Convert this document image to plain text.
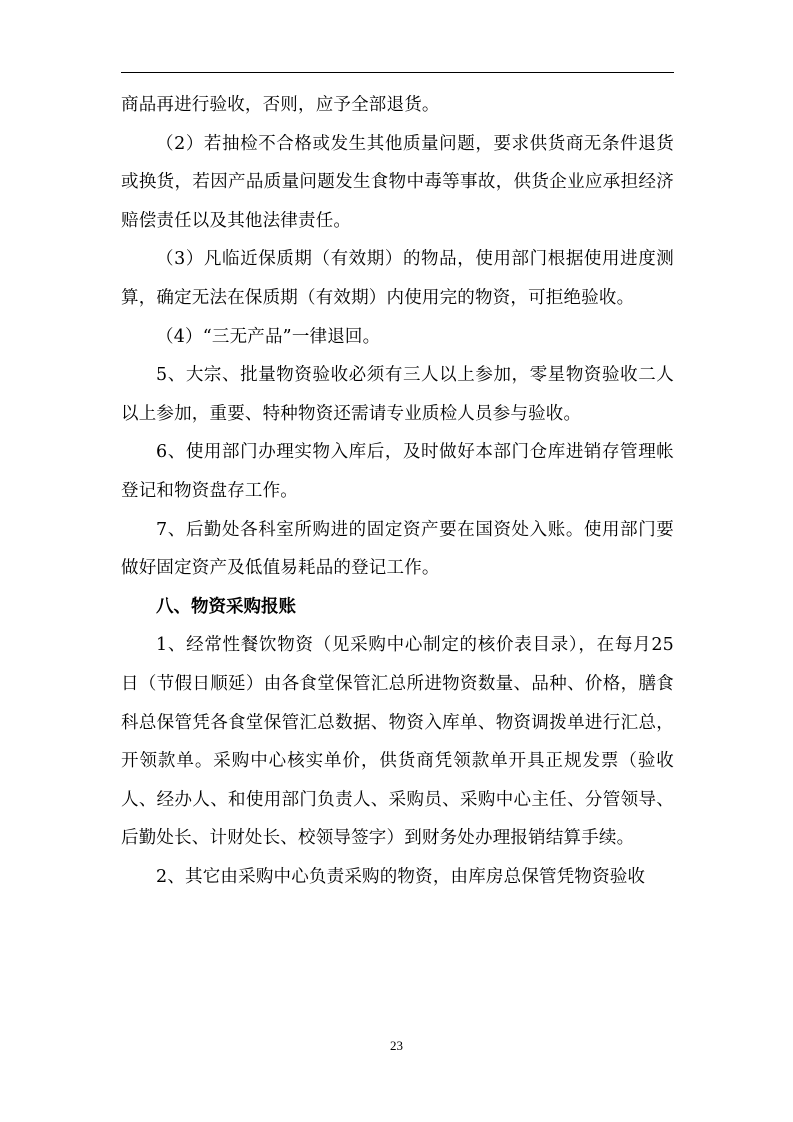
商品再进行验收，否则，应予全部退货。

（2）若抽检不合格或发生其他质量问题，要求供货商无条件退货或换货，若因产品质量问题发生食物中毒等事故，供货企业应承担经济赔偿责任以及其他法律责任。

（3）凡临近保质期（有效期）的物品，使用部门根据使用进度测算，确定无法在保质期（有效期）内使用完的物资，可拒绝验收。

（4）“三无产品”一律退回。

5、大宗、批量物资验收必须有三人以上参加，零星物资验收二人以上参加，重要、特种物资还需请专业质检人员参与验收。

6、使用部门办理实物入库后，及时做好本部门仓库进销存管理帐登记和物资盘存工作。

7、后勤处各科室所购进的固定资产要在国资处入账。使用部门要做好固定资产及低值易耗品的登记工作。

八、物资采购报账

1、经常性餐饮物资（见采购中心制定的核价表目录），在每月25日（节假日顺延）由各食堂保管汇总所进物资数量、品种、价格，膳食科总保管凭各食堂保管汇总数据、物资入库单、物资调拨单进行汇总，开领款单。采购中心核实单价，供货商凭领款单开具正规发票（验收人、经办人、和使用部门负责人、采购员、采购中心主任、分管领导、后勤处长、计财处长、校领导签字）到财务处办理报销结算手续。

2、其它由采购中心负责采购的物资，由库房总保管凭物资验收

23
